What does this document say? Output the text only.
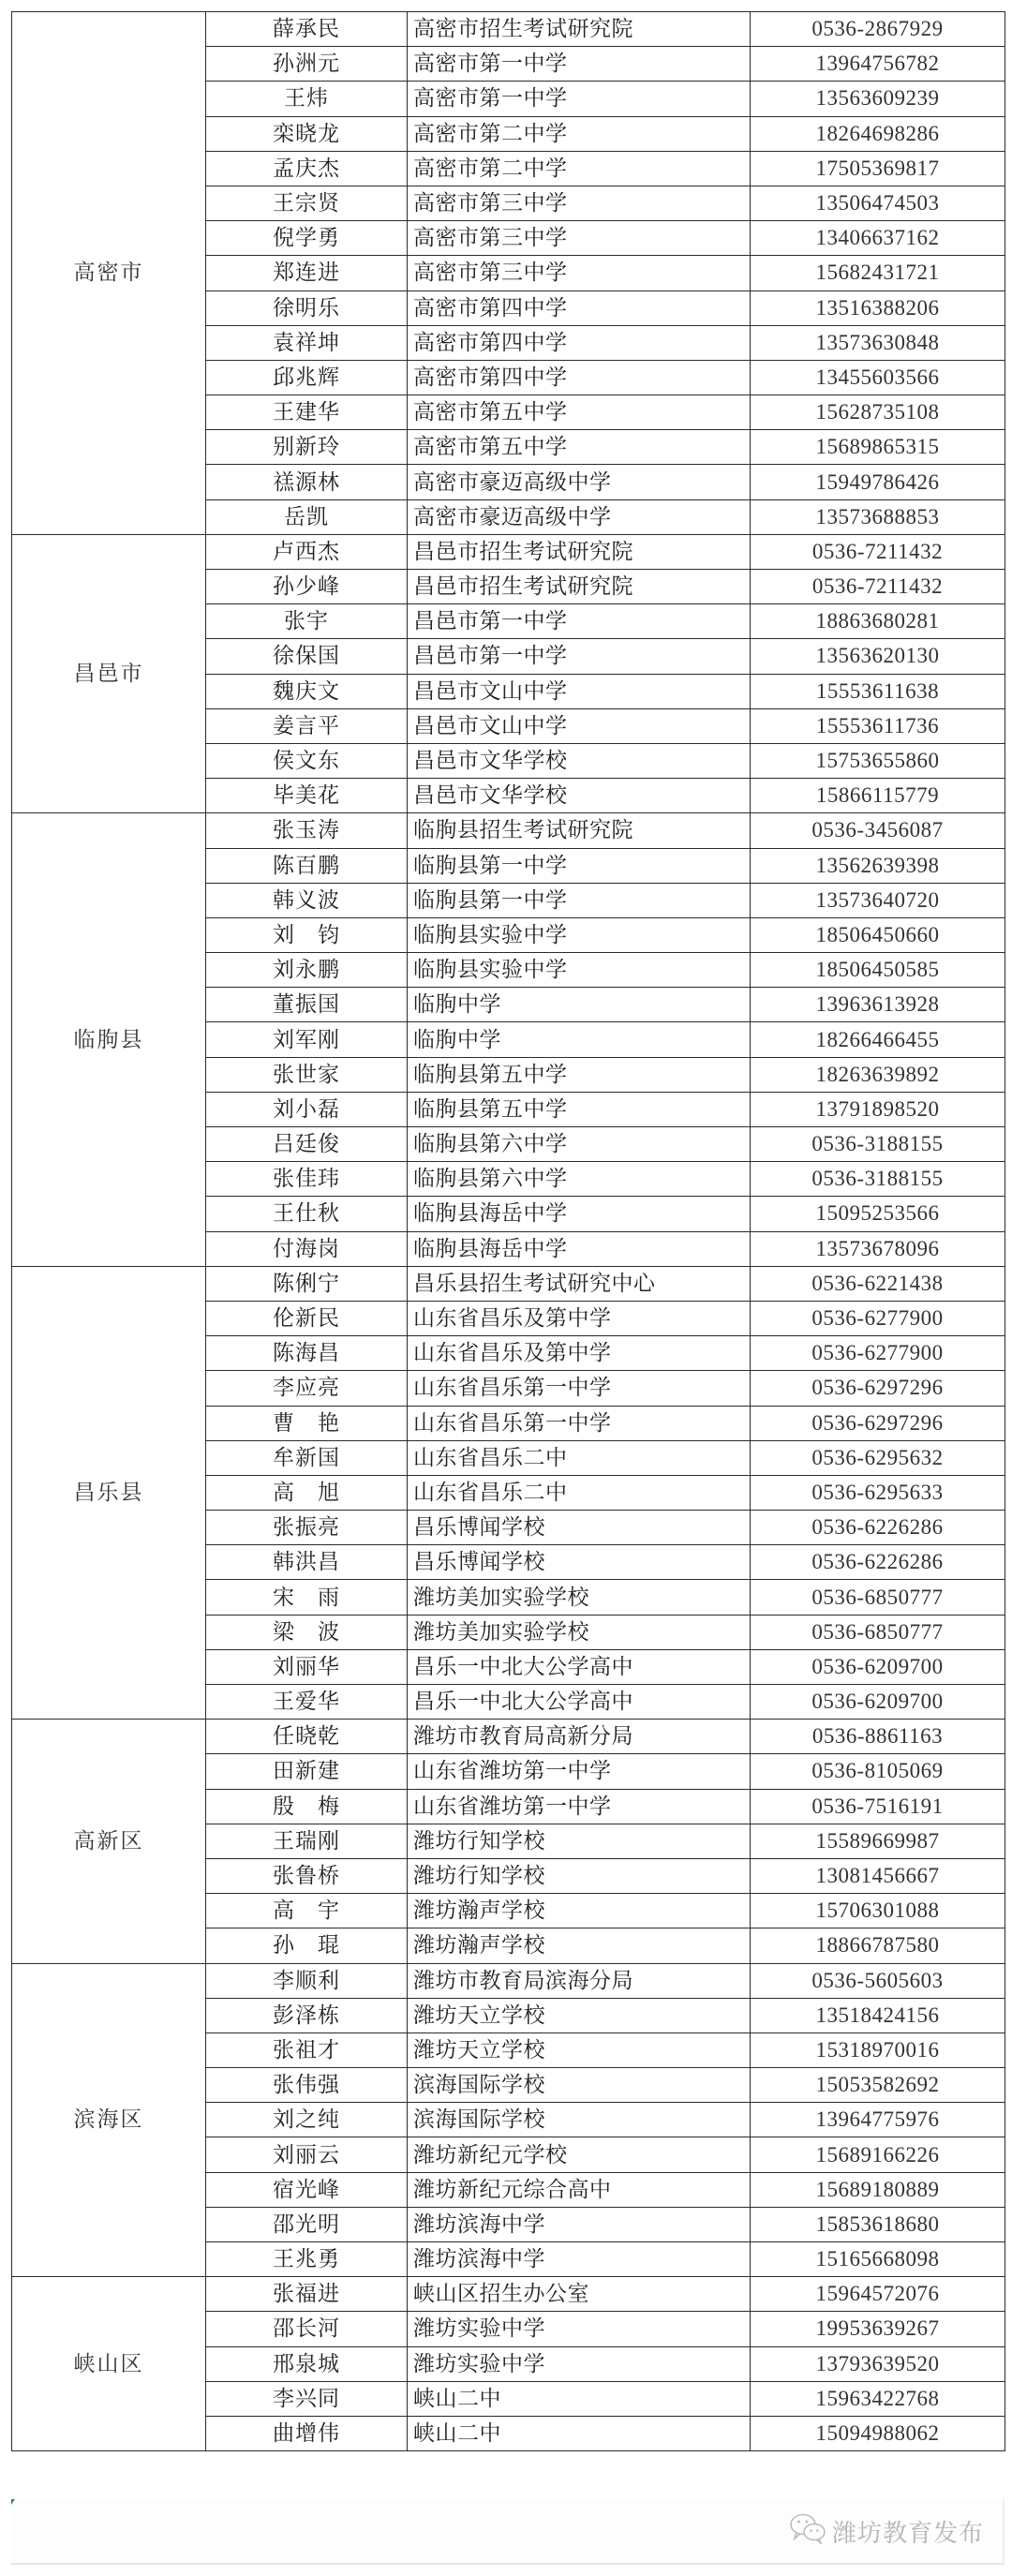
高密市	薛承民	高密市招生考试研究院	0536-2867929
	孙洲元	高密市第一中学	13964756782
	王炜	高密市第一中学	13563609239
	栾晓龙	高密市第二中学	18264698286
	孟庆杰	高密市第二中学	17505369817
	王宗贤	高密市第三中学	13506474503
	倪学勇	高密市第三中学	13406637162
	郑连进	高密市第三中学	15682431721
	徐明乐	高密市第四中学	13516388206
	袁祥坤	高密市第四中学	13573630848
	邱兆辉	高密市第四中学	13455603566
	王建华	高密市第五中学	15628735108
	别新玲	高密市第五中学	15689865315
	禚源林	高密市豪迈高级中学	15949786426
	岳凯	高密市豪迈高级中学	13573688853
昌邑市	卢西杰	昌邑市招生考试研究院	0536-7211432
	孙少峰	昌邑市招生考试研究院	0536-7211432
	张宇	昌邑市第一中学	18863680281
	徐保国	昌邑市第一中学	13563620130
	魏庆文	昌邑市文山中学	15553611638
	姜言平	昌邑市文山中学	15553611736
	侯文东	昌邑市文华学校	15753655860
	毕美花	昌邑市文华学校	15866115779
临朐县	张玉涛	临朐县招生考试研究院	0536-3456087
	陈百鹏	临朐县第一中学	13562639398
	韩义波	临朐县第一中学	13573640720
	刘　钧	临朐县实验中学	18506450660
	刘永鹏	临朐县实验中学	18506450585
	董振国	临朐中学	13963613928
	刘军刚	临朐中学	18266466455
	张世家	临朐县第五中学	18263639892
	刘小磊	临朐县第五中学	13791898520
	吕廷俊	临朐县第六中学	0536-3188155
	张佳玮	临朐县第六中学	0536-3188155
	王仕秋	临朐县海岳中学	15095253566
	付海岗	临朐县海岳中学	13573678096
昌乐县	陈俐宁	昌乐县招生考试研究中心	0536-6221438
	伦新民	山东省昌乐及第中学	0536-6277900
	陈海昌	山东省昌乐及第中学	0536-6277900
	李应亮	山东省昌乐第一中学	0536-6297296
	曹　艳	山东省昌乐第一中学	0536-6297296
	牟新国	山东省昌乐二中	0536-6295632
	高　旭	山东省昌乐二中	0536-6295633
	张振亮	昌乐博闻学校	0536-6226286
	韩洪昌	昌乐博闻学校	0536-6226286
	宋　雨	潍坊美加实验学校	0536-6850777
	梁　波	潍坊美加实验学校	0536-6850777
	刘丽华	昌乐一中北大公学高中	0536-6209700
	王爱华	昌乐一中北大公学高中	0536-6209700
高新区	任晓乾	潍坊市教育局高新分局	0536-8861163
	田新建	山东省潍坊第一中学	0536-8105069
	殷　梅	山东省潍坊第一中学	0536-7516191
	王瑞刚	潍坊行知学校	15589669987
	张鲁桥	潍坊行知学校	13081456667
	高　宇	潍坊瀚声学校	15706301088
	孙　琨	潍坊瀚声学校	18866787580
滨海区	李顺利	潍坊市教育局滨海分局	0536-5605603
	彭泽栋	潍坊天立学校	13518424156
	张祖才	潍坊天立学校	15318970016
	张伟强	滨海国际学校	15053582692
	刘之纯	滨海国际学校	13964775976
	刘丽云	潍坊新纪元学校	15689166226
	宿光峰	潍坊新纪元综合高中	15689180889
	邵光明	潍坊滨海中学	15853618680
	王兆勇	潍坊滨海中学	15165668098
峡山区	张福进	峡山区招生办公室	15964572076
	邵长河	潍坊实验中学	19953639267
	邢泉城	潍坊实验中学	13793639520
	李兴同	峡山二中	15963422768
	曲增伟	峡山二中	15094988062
潍坊教育发布
